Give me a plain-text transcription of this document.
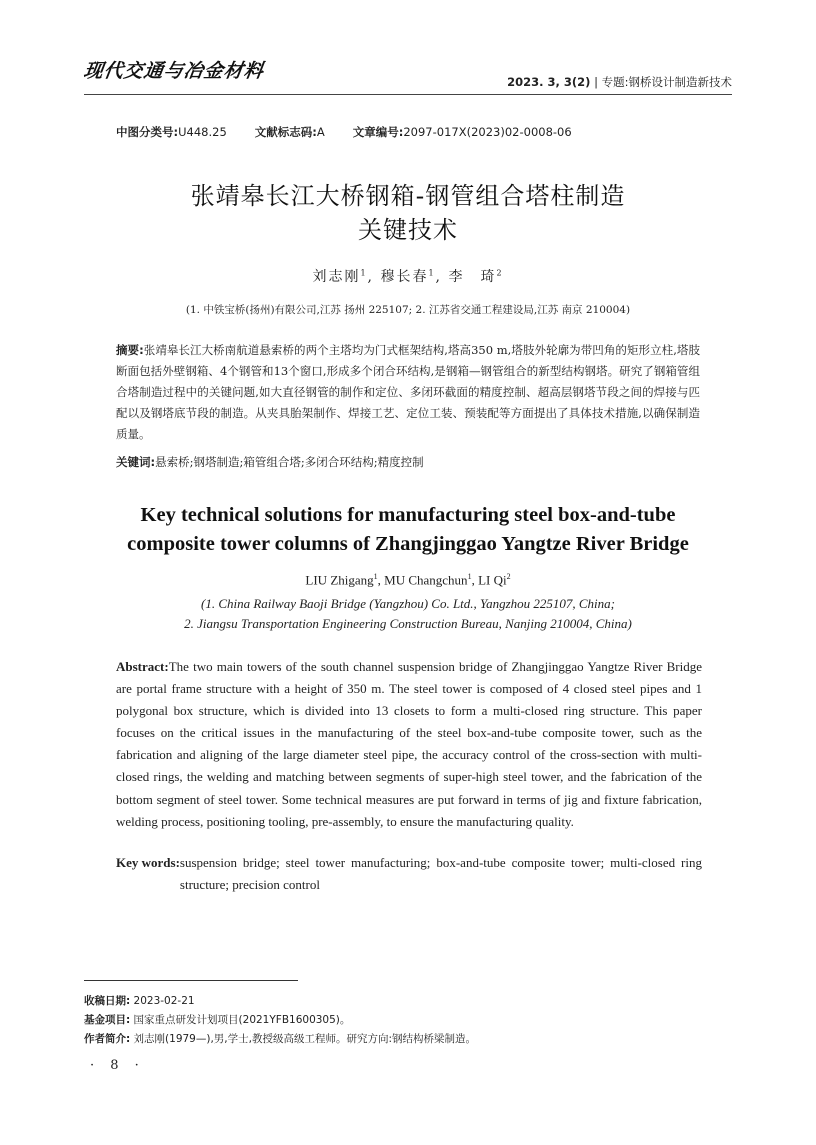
现代交通与冶金材料	2023. 3, 3(2) | 专题:钢桥设计制造新技术
中图分类号:U448.25 文献标志码:A 文章编号:2097-017X(2023)02-0008-06
张靖皋长江大桥钢箱-钢管组合塔柱制造
关键技术
刘志刚$^1$, 穆长春$^1$, 李　琦$^2$
(1. 中铁宝桥(扬州)有限公司,江苏 扬州 225107; 2. 江苏省交通工程建设局,江苏 南京 210004)
摘要:张靖皋长江大桥南航道悬索桥的两个主塔均为门式框架结构,塔高350 m,塔肢外轮廓为带凹角的矩形立柱,塔肢断面包括外壁钢箱、4个钢管和13个窗口,形成多个闭合环结构,是钢箱—钢管组合的新型结构钢塔。研究了钢箱管组合塔制造过程中的关键问题,如大直径钢管的制作和定位、多闭环截面的精度控制、超高层钢塔节段之间的焊接与匹配以及钢塔底节段的制造。从夹具胎架制作、焊接工艺、定位工装、预装配等方面提出了具体技术措施,以确保制造质量。
关键词:悬索桥;钢塔制造;箱管组合塔;多闭合环结构;精度控制
Key technical solutions for manufacturing steel box-and-tube
composite tower columns of Zhangjinggao Yangtze River Bridge
LIU Zhigang$^1$, MU Changchun$^1$, LI Qi$^2$
(1. China Railway Baoji Bridge (Yangzhou) Co. Ltd., Yangzhou 225107, China;
2. Jiangsu Transportation Engineering Construction Bureau, Nanjing 210004, China)
Abstract:The two main towers of the south channel suspension bridge of Zhangjinggao Yangtze River Bridge are portal frame structure with a height of 350 m. The steel tower is composed of 4 closed steel pipes and 1 polygonal box structure, which is divided into 13 closets to form a multi-closed ring structure. This paper focuses on the critical issues in the manufacturing of the steel box-and-tube composite tower, such as the fabrication and aligning of the large diameter steel pipe, the accuracy control of the cross-section with multi-closed rings, the welding and matching between segments of super-high steel tower, and the fabrication of the bottom segment of steel tower. Some technical measures are put forward in terms of jig and fixture fabrication, welding process, positioning tooling, pre-assembly, to ensure the manufacturing quality.
Key words: suspension bridge; steel tower manufacturing; box-and-tube composite tower; multi-closed ring structure; precision control
收稿日期: 2023-02-21
基金项目: 国家重点研发计划项目(2021YFB1600305)。
作者简介: 刘志刚(1979—),男,学士,教授级高级工程师。研究方向:钢结构桥梁制造。
· 8 ·
